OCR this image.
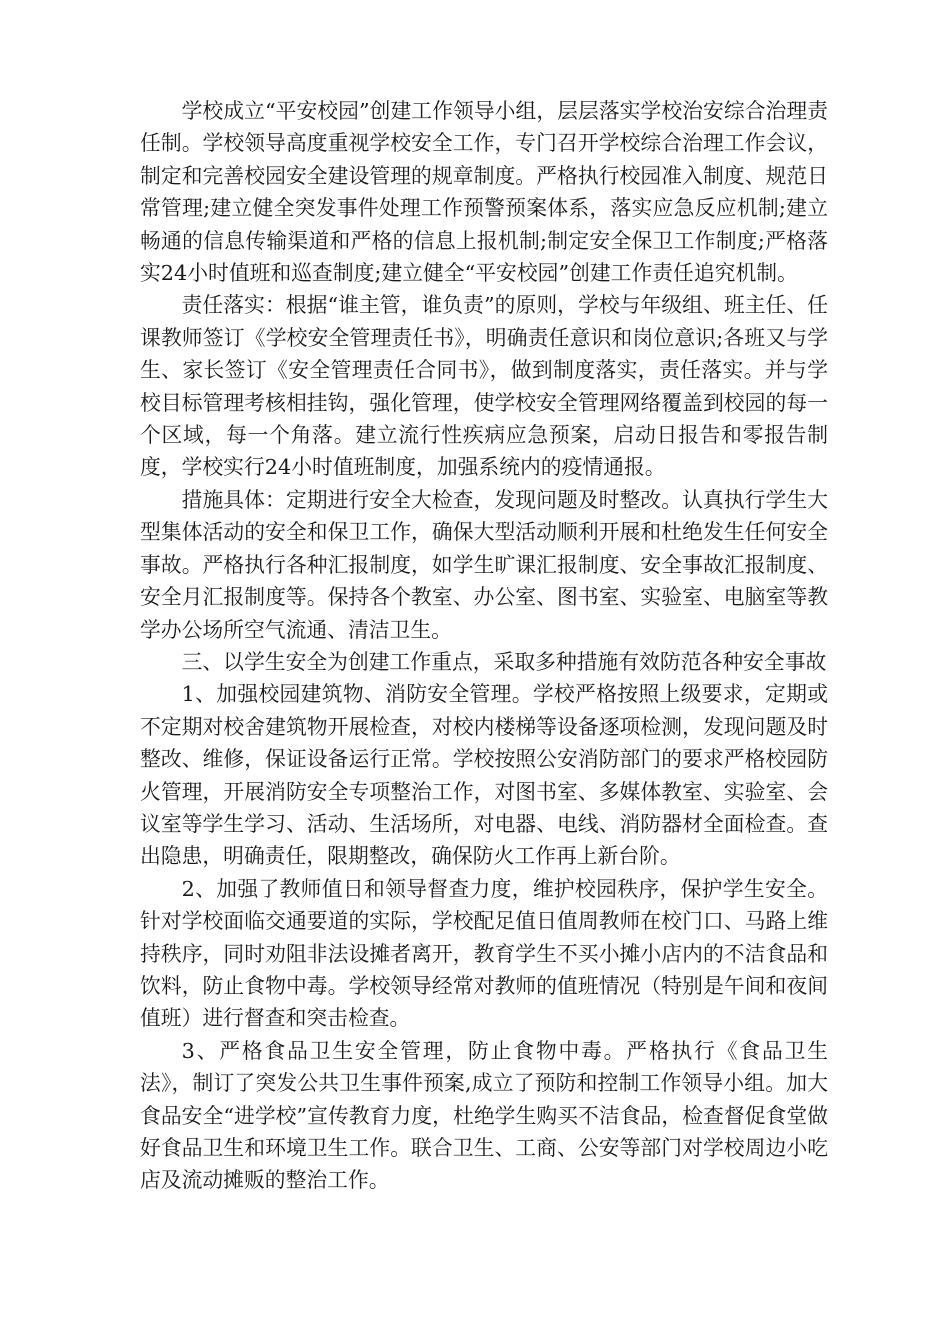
学校成立“平安校园”创建工作领导小组，层层落实学校治安综合治理责任制。学校领导高度重视学校安全工作，专门召开学校综合治理工作会议，制定和完善校园安全建设管理的规章制度。严格执行校园准入制度、规范日常管理;建立健全突发事件处理工作预警预案体系，落实应急反应机制;建立畅通的信息传输渠道和严格的信息上报机制;制定安全保卫工作制度;严格落实24小时值班和巡查制度;建立健全“平安校园”创建工作责任追究机制。

责任落实：根据“谁主管，谁负责”的原则，学校与年级组、班主任、任课教师签订《学校安全管理责任书》，明确责任意识和岗位意识;各班又与学生、家长签订《安全管理责任合同书》，做到制度落实，责任落实。并与学校目标管理考核相挂钩，强化管理，使学校安全管理网络覆盖到校园的每一个区域，每一个角落。建立流行性疾病应急预案，启动日报告和零报告制度，学校实行24小时值班制度，加强系统内的疫情通报。

措施具体：定期进行安全大检查，发现问题及时整改。认真执行学生大型集体活动的安全和保卫工作，确保大型活动顺利开展和杜绝发生任何安全事故。严格执行各种汇报制度，如学生旷课汇报制度、安全事故汇报制度、安全月汇报制度等。保持各个教室、办公室、图书室、实验室、电脑室等教学办公场所空气流通、清洁卫生。

三、以学生安全为创建工作重点，采取多种措施有效防范各种安全事故

1、加强校园建筑物、消防安全管理。学校严格按照上级要求，定期或不定期对校舍建筑物开展检查，对校内楼梯等设备逐项检测，发现问题及时整改、维修，保证设备运行正常。学校按照公安消防部门的要求严格校园防火管理，开展消防安全专项整治工作，对图书室、多媒体教室、实验室、会议室等学生学习、活动、生活场所，对电器、电线、消防器材全面检查。查出隐患，明确责任，限期整改，确保防火工作再上新台阶。

2、加强了教师值日和领导督查力度，维护校园秩序，保护学生安全。针对学校面临交通要道的实际，学校配足值日值周教师在校门口、马路上维持秩序，同时劝阻非法设摊者离开，教育学生不买小摊小店内的不洁食品和饮料，防止食物中毒。学校领导经常对教师的值班情况（特别是午间和夜间值班）进行督查和突击检查。

3、严格食品卫生安全管理，防止食物中毒。严格执行《食品卫生法》，制订了突发公共卫生事件预案,成立了预防和控制工作领导小组。加大食品安全“进学校”宣传教育力度，杜绝学生购买不洁食品，检查督促食堂做好食品卫生和环境卫生工作。联合卫生、工商、公安等部门对学校周边小吃店及流动摊贩的整治工作。
